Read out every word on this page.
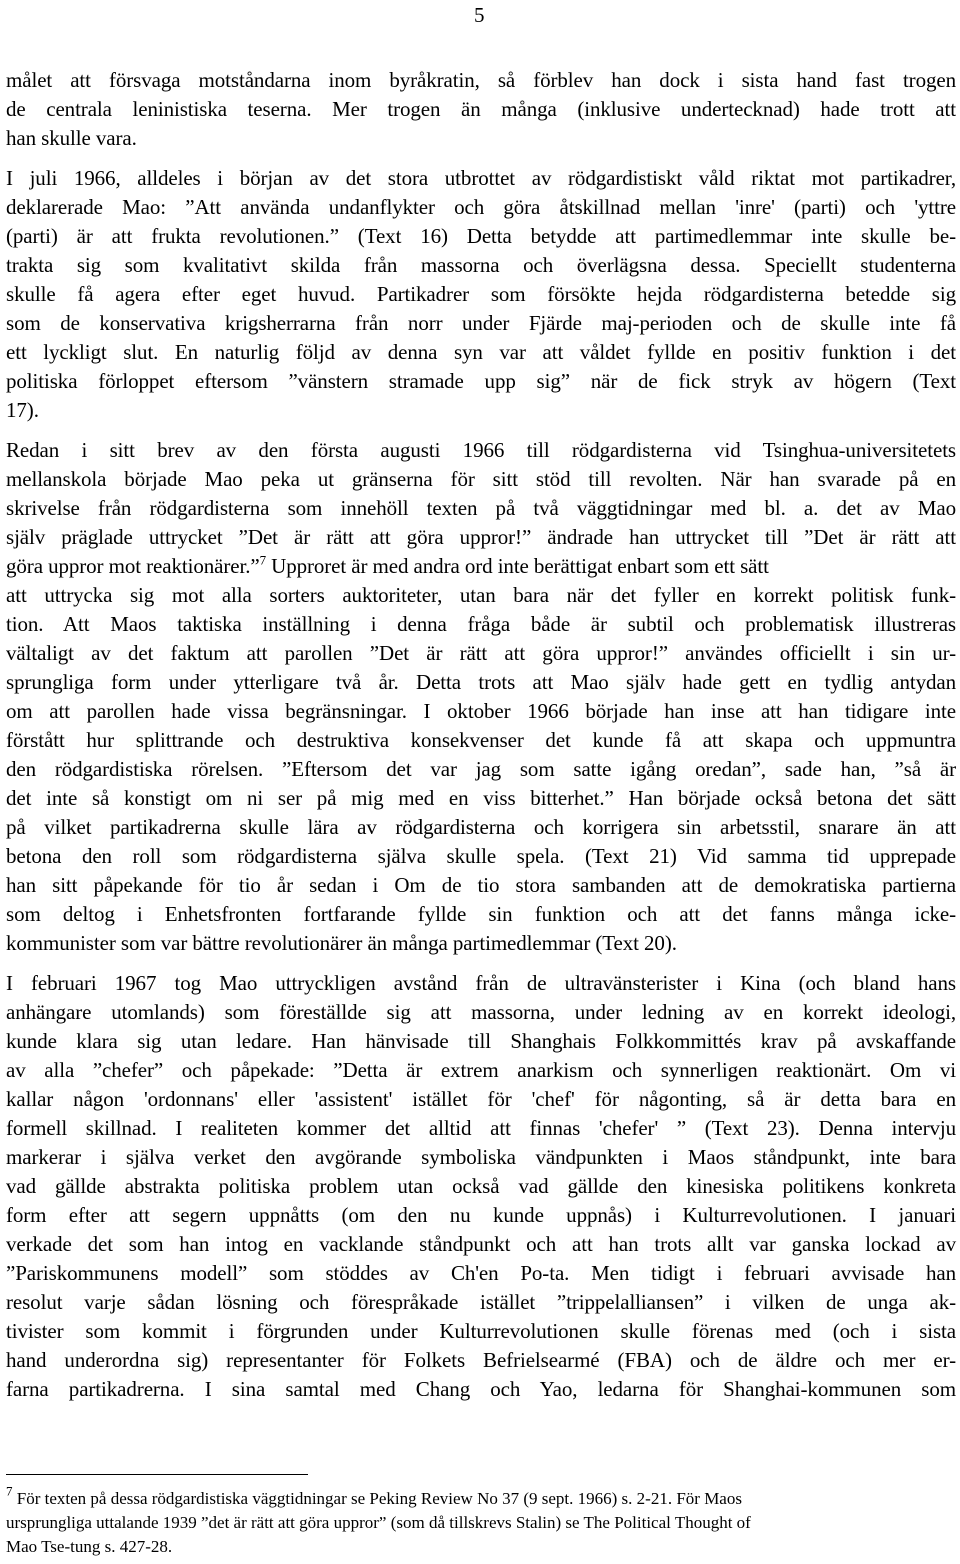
5

målet att försvaga motståndarna inom byråkratin, så förblev han dock i sista hand fast trogen
de centrala leninistiska teserna. Mer trogen än många (inklusive undertecknad) hade trott att
han skulle vara.

I juli 1966, alldeles i början av det stora utbrottet av rödgardistiskt våld riktat mot partikadrer,
deklarerade Mao: ”Att använda undanflykter och göra åtskillnad mellan 'inre' (parti) och 'yttre
(parti) är att frukta revolutionen.” (Text 16) Detta betydde att partimedlemmar inte skulle be-
trakta sig som kvalitativt skilda från massorna och överlägsna dessa. Speciellt studenterna
skulle få agera efter eget huvud. Partikadrer som försökte hejda rödgardisterna betedde sig
som de konservativa krigsherrarna från norr under Fjärde maj-perioden och de skulle inte få
ett lyckligt slut. En naturlig följd av denna syn var att våldet fyllde en positiv funktion i det
politiska förloppet eftersom ”vänstern stramade upp sig” när de fick stryk av högern (Text
17).

Redan i sitt brev av den första augusti 1966 till rödgardisterna vid Tsinghua-universitetets
mellanskola började Mao peka ut gränserna för sitt stöd till revolten. När han svarade på en
skrivelse från rödgardisterna som innehöll texten på två väggtidningar med bl. a. det av Mao
själv präglade uttrycket ”Det är rätt att göra uppror!” ändrade han uttrycket till ”Det är rätt att
göra uppror mot reaktionärer.”$^7$ Upproret är med andra ord inte berättigat enbart som ett sätt
att uttrycka sig mot alla sorters auktoriteter, utan bara när det fyller en korrekt politisk funk-
tion. Att Maos taktiska inställning i denna fråga både är subtil och problematisk illustreras
vältaligt av det faktum att parollen ”Det är rätt att göra uppror!” användes officiellt i sin ur-
sprungliga form under ytterligare två år. Detta trots att Mao själv hade gett en tydlig antydan
om att parollen hade vissa begränsningar. I oktober 1966 började han inse att han tidigare inte
förstått hur splittrande och destruktiva konsekvenser det kunde få att skapa och uppmuntra
den rödgardistiska rörelsen. ”Eftersom det var jag som satte igång oredan”, sade han, ”så är
det inte så konstigt om ni ser på mig med en viss bitterhet.” Han började också betona det sätt
på vilket partikadrerna skulle lära av rödgardisterna och korrigera sin arbetsstil, snarare än att
betona den roll som rödgardisterna själva skulle spela. (Text 21) Vid samma tid upprepade
han sitt påpekande för tio år sedan i Om de tio stora sambanden att de demokratiska partierna
som deltog i Enhetsfronten fortfarande fyllde sin funktion och att det fanns många icke-
kommunister som var bättre revolutionärer än många partimedlemmar (Text 20).

I februari 1967 tog Mao uttryckligen avstånd från de ultravänsterister i Kina (och bland hans
anhängare utomlands) som föreställde sig att massorna, under ledning av en korrekt ideologi,
kunde klara sig utan ledare. Han hänvisade till Shanghais Folkkommittés krav på avskaffande
av alla ”chefer” och påpekade: ”Detta är extrem anarkism och synnerligen reaktionärt. Om vi
kallar någon 'ordonnans' eller 'assistent' istället för 'chef' för någonting, så är detta bara en
formell skillnad. I realiteten kommer det alltid att finnas 'chefer' ” (Text 23). Denna intervju
markerar i själva verket den avgörande symboliska vändpunkten i Maos ståndpunkt, inte bara
vad gällde abstrakta politiska problem utan också vad gällde den kinesiska politikens konkreta
form efter att segern uppnåtts (om den nu kunde uppnås) i Kulturrevolutionen. I januari
verkade det som han intog en vacklande ståndpunkt och att han trots allt var ganska lockad av
”Pariskommunens modell” som stöddes av Ch'en Po-ta. Men tidigt i februari avvisade han
resolut varje sådan lösning och förespråkade istället ”trippelalliansen” i vilken de unga ak-
tivister som kommit i förgrunden under Kulturrevolutionen skulle förenas med (och i sista
hand underordna sig) representanter för Folkets Befrielsearmé (FBA) och de äldre och mer er-
farna partikadrerna. I sina samtal med Chang och Yao, ledarna för Shanghai-kommunen som

$^7$ För texten på dessa rödgardistiska väggtidningar se Peking Review No 37 (9 sept. 1966) s. 2-21. För Maos
ursprungliga uttalande 1939 ”det är rätt att göra uppror” (som då tillskrevs Stalin) se The Political Thought of
Mao Tse-tung s. 427-28.
